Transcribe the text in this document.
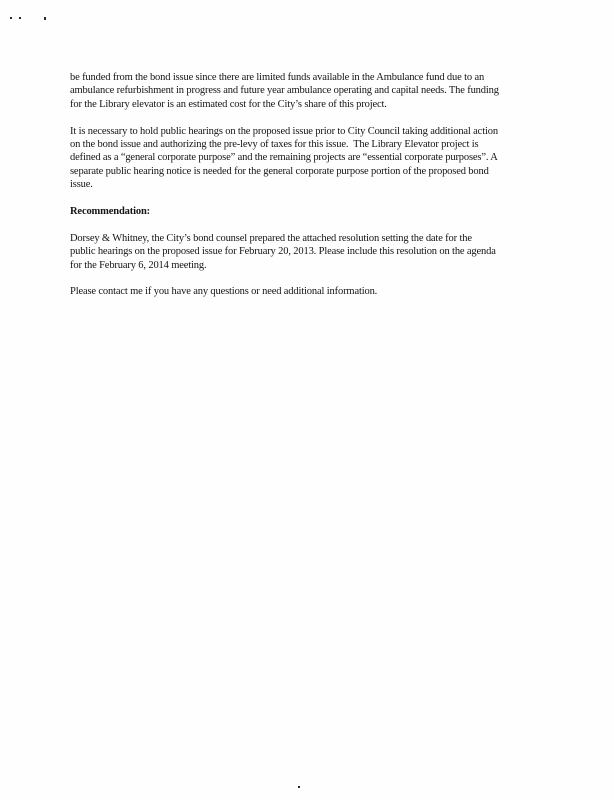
be funded from the bond issue since there are limited funds available in the Ambulance fund due to an
ambulance refurbishment in progress and future year ambulance operating and capital needs. The funding
for the Library elevator is an estimated cost for the City’s share of this project.

It is necessary to hold public hearings on the proposed issue prior to City Council taking additional action
on the bond issue and authorizing the pre-levy of taxes for this issue.  The Library Elevator project is
defined as a “general corporate purpose” and the remaining projects are “essential corporate purposes”. A
separate public hearing notice is needed for the general corporate purpose portion of the proposed bond
issue.

Recommendation:

Dorsey & Whitney, the City’s bond counsel prepared the attached resolution setting the date for the
public hearings on the proposed issue for February 20, 2013. Please include this resolution on the agenda
for the February 6, 2014 meeting.

Please contact me if you have any questions or need additional information.
